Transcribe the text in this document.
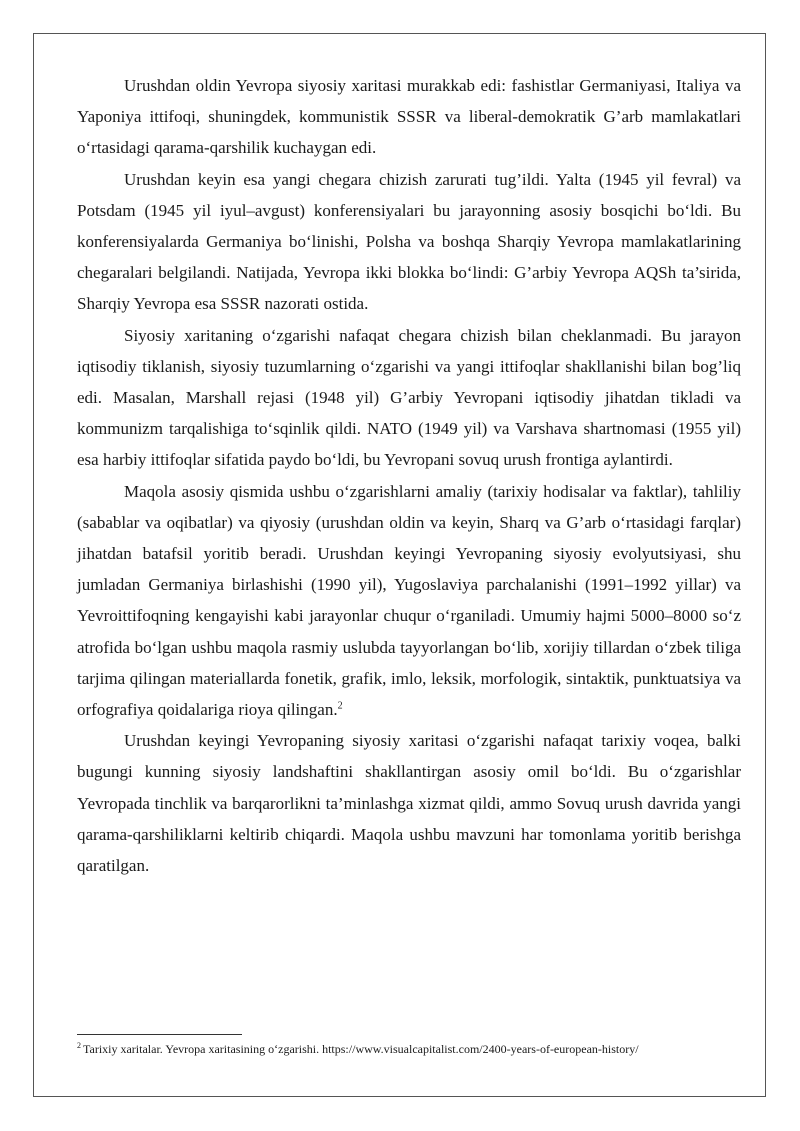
Urushdan oldin Yevropa siyosiy xaritasi murakkab edi: fashistlar Germaniyasi, Italiya va Yaponiya ittifoqi, shuningdek, kommunistik SSSR va liberal-demokratik G’arb mamlakatlari o‘rtasidagi qarama-qarshilik kuchaygan edi.

Urushdan keyin esa yangi chegara chizish zarurati tug’ildi. Yalta (1945 yil fevral) va Potsdam (1945 yil iyul–avgust) konferensiyalari bu jarayonning asosiy bosqichi bo‘ldi. Bu konferensiyalarda Germaniya bo‘linishi, Polsha va boshqa Sharqiy Yevropa mamlakatlarining chegaralari belgilandi. Natijada, Yevropa ikki blokka bo‘lindi: G’arbiy Yevropa AQSh ta’sirida, Sharqiy Yevropa esa SSSR nazorati ostida.

Siyosiy xaritaning o‘zgarishi nafaqat chegara chizish bilan cheklanmadi. Bu jarayon iqtisodiy tiklanish, siyosiy tuzumlarning o‘zgarishi va yangi ittifoqlar shakllanishi bilan bog’liq edi. Masalan, Marshall rejasi (1948 yil) G’arbiy Yevropani iqtisodiy jihatdan tikladi va kommunizm tarqalishiga to‘sqinlik qildi. NATO (1949 yil) va Varshava shartnomasi (1955 yil) esa harbiy ittifoqlar sifatida paydo bo‘ldi, bu Yevropani sovuq urush frontiga aylantirdi.

Maqola asosiy qismida ushbu o‘zgarishlarni amaliy (tarixiy hodisalar va faktlar), tahliliy (sabablar va oqibatlar) va qiyosiy (urushdan oldin va keyin, Sharq va G’arb o‘rtasidagi farqlar) jihatdan batafsil yoritib beradi. Urushdan keyingi Yevropaning siyosiy evolyutsiyasi, shu jumladan Germaniya birlashishi (1990 yil), Yugoslaviya parchalanishi (1991–1992 yillar) va Yevroittifoqning kengayishi kabi jarayonlar chuqur o‘rganiladi. Umumiy hajmi 5000–8000 so‘z atrofida bo‘lgan ushbu maqola rasmiy uslubda tayyorlangan bo‘lib, xorijiy tillardan o‘zbek tiliga tarjima qilingan materiallarda fonetik, grafik, imlo, leksik, morfologik, sintaktik, punktuatsiya va orfografiya qoidalariga rioya qilingan.$^2$

Urushdan keyingi Yevropaning siyosiy xaritasi o‘zgarishi nafaqat tarixiy voqea, balki bugungi kunning siyosiy landshaftini shakllantirgan asosiy omil bo‘ldi. Bu o‘zgarishlar Yevropada tinchlik va barqarorlikni ta’minlashga xizmat qildi, ammo Sovuq urush davrida yangi qarama-qarshiliklarni keltirib chiqardi. Maqola ushbu mavzuni har tomonlama yoritib berishga qaratilgan.

$^2$ Tarixiy xaritalar. Yevropa xaritasining o‘zgarishi. https://www.visualcapitalist.com/2400-years-of-european-history/
